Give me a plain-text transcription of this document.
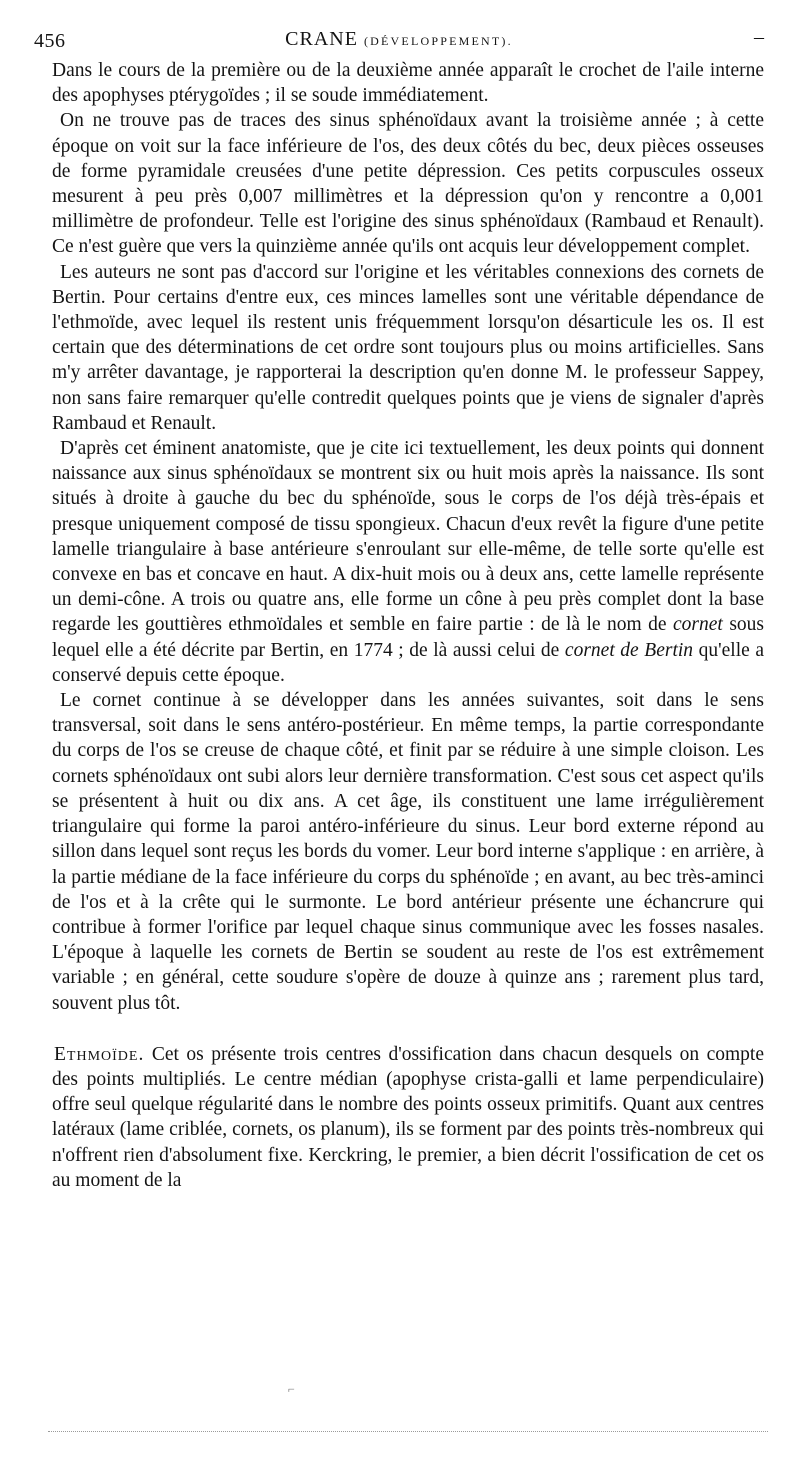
456	CRANE (DÉVELOPPEMENT).	–

Dans le cours de la première ou de la deuxième année apparaît le crochet de l'aile interne des apophyses ptérygoïdes ; il se soude immédiatement.

On ne trouve pas de traces des sinus sphénoïdaux avant la troisième année ; à cette époque on voit sur la face inférieure de l'os, des deux côtés du bec, deux pièces osseuses de forme pyramidale creusées d'une petite dépression. Ces petits corpuscules osseux mesurent à peu près 0,007 millimètres et la dépression qu'on y rencontre a 0,001 millimètre de profondeur. Telle est l'origine des sinus sphénoïdaux (Rambaud et Renault). Ce n'est guère que vers la quinzième année qu'ils ont acquis leur développement complet.

Les auteurs ne sont pas d'accord sur l'origine et les véritables connexions des cornets de Bertin. Pour certains d'entre eux, ces minces lamelles sont une véritable dépendance de l'ethmoïde, avec lequel ils restent unis fréquemment lorsqu'on désarticule les os. Il est certain que des déterminations de cet ordre sont toujours plus ou moins artificielles. Sans m'y arrêter davantage, je rapporterai la description qu'en donne M. le professeur Sappey, non sans faire remarquer qu'elle contredit quelques points que je viens de signaler d'après Rambaud et Renault.

D'après cet éminent anatomiste, que je cite ici textuellement, les deux points qui donnent naissance aux sinus sphénoïdaux se montrent six ou huit mois après la naissance. Ils sont situés à droite à gauche du bec du sphénoïde, sous le corps de l'os déjà très-épais et presque uniquement composé de tissu spongieux. Chacun d'eux revêt la figure d'une petite lamelle triangulaire à base antérieure s'enroulant sur elle-même, de telle sorte qu'elle est convexe en bas et concave en haut. A dix-huit mois ou à deux ans, cette lamelle représente un demi-cône. A trois ou quatre ans, elle forme un cône à peu près complet dont la base regarde les gouttières ethmoïdales et semble en faire partie : de là le nom de cornet sous lequel elle a été décrite par Bertin, en 1774 ; de là aussi celui de cornet de Bertin qu'elle a conservé depuis cette époque.

Le cornet continue à se développer dans les années suivantes, soit dans le sens transversal, soit dans le sens antéro-postérieur. En même temps, la partie correspondante du corps de l'os se creuse de chaque côté, et finit par se réduire à une simple cloison. Les cornets sphénoïdaux ont subi alors leur dernière transformation. C'est sous cet aspect qu'ils se présentent à huit ou dix ans. A cet âge, ils constituent une lame irrégulièrement triangulaire qui forme la paroi antéro-inférieure du sinus. Leur bord externe répond au sillon dans lequel sont reçus les bords du vomer. Leur bord interne s'applique : en arrière, à la partie médiane de la face inférieure du corps du sphénoïde ; en avant, au bec très-aminci de l'os et à la crête qui le surmonte. Le bord antérieur présente une échancrure qui contribue à former l'orifice par lequel chaque sinus communique avec les fosses nasales. L'époque à laquelle les cornets de Bertin se soudent au reste de l'os est extrêmement variable ; en général, cette soudure s'opère de douze à quinze ans ; rarement plus tard, souvent plus tôt.

Ethmoïde. Cet os présente trois centres d'ossification dans chacun desquels on compte des points multipliés. Le centre médian (apophyse crista-galli et lame perpendiculaire) offre seul quelque régularité dans le nombre des points osseux primitifs. Quant aux centres latéraux (lame criblée, cornets, os planum), ils se forment par des points très-nombreux qui n'offrent rien d'absolument fixe. Kerckring, le premier, a bien décrit l'ossification de cet os au moment de la

⌐
